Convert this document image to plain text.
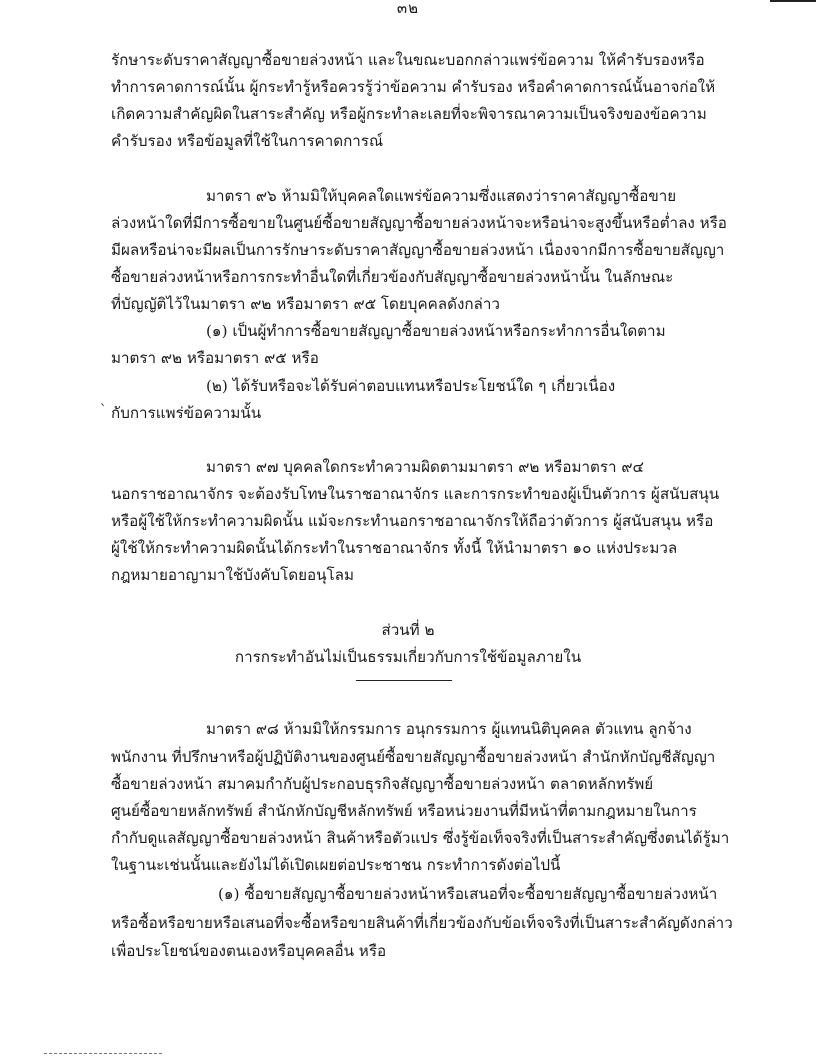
๓๒
รักษาระดับราคาสัญญาซื้อขายล่วงหน้า และในขณะบอกกล่าวแพร่ข้อความ ให้คำรับรองหรือ
ทำการคาดการณ์นั้น ผู้กระทำรู้หรือควรรู้ว่าข้อความ คำรับรอง หรือคำคาดการณ์นั้นอาจก่อให้
เกิดความสำคัญผิดในสาระสำคัญ หรือผู้กระทำละเลยที่จะพิจารณาความเป็นจริงของข้อความ
คำรับรอง หรือข้อมูลที่ใช้ในการคาดการณ์
มาตรา ๙๖ ห้ามมิให้บุคคลใดแพร่ข้อความซึ่งแสดงว่าราคาสัญญาซื้อขาย
ล่วงหน้าใดที่มีการซื้อขายในศูนย์ซื้อขายสัญญาซื้อขายล่วงหน้าจะหรือน่าจะสูงขึ้นหรือต่ำลง หรือ
มีผลหรือน่าจะมีผลเป็นการรักษาระดับราคาสัญญาซื้อขายล่วงหน้า เนื่องจากมีการซื้อขายสัญญา
ซื้อขายล่วงหน้าหรือการกระทำอื่นใดที่เกี่ยวข้องกับสัญญาซื้อขายล่วงหน้านั้น ในลักษณะ
ที่บัญญัติไว้ในมาตรา ๙๒ หรือมาตรา ๙๕ โดยบุคคลดังกล่าว
(๑) เป็นผู้ทำการซื้อขายสัญญาซื้อขายล่วงหน้าหรือกระทำการอื่นใดตาม
มาตรา ๙๒ หรือมาตรา ๙๕ หรือ
(๒) ได้รับหรือจะได้รับค่าตอบแทนหรือประโยชน์ใด ๆ เกี่ยวเนื่อง
ˋ กับการแพร่ข้อความนั้น
มาตรา ๙๗ บุคคลใดกระทำความผิดตามมาตรา ๙๒ หรือมาตรา ๙๔
นอกราชอาณาจักร จะต้องรับโทษในราชอาณาจักร และการกระทำของผู้เป็นตัวการ ผู้สนับสนุน
หรือผู้ใช้ให้กระทำความผิดนั้น แม้จะกระทำนอกราชอาณาจักรให้ถือว่าตัวการ ผู้สนับสนุน หรือ
ผู้ใช้ให้กระทำความผิดนั้นได้กระทำในราชอาณาจักร ทั้งนี้ ให้นำมาตรา ๑๐ แห่งประมวล
กฎหมายอาญามาใช้บังคับโดยอนุโลม
ส่วนที่ ๒
การกระทำอันไม่เป็นธรรมเกี่ยวกับการใช้ข้อมูลภายใน
มาตรา ๙๘ ห้ามมิให้กรรมการ อนุกรรมการ ผู้แทนนิติบุคคล ตัวแทน ลูกจ้าง
พนักงาน ที่ปรึกษาหรือผู้ปฏิบัติงานของศูนย์ซื้อขายสัญญาซื้อขายล่วงหน้า สำนักหักบัญชีสัญญา
ซื้อขายล่วงหน้า สมาคมกำกับผู้ประกอบธุรกิจสัญญาซื้อขายล่วงหน้า ตลาดหลักทรัพย์
ศูนย์ซื้อขายหลักทรัพย์ สำนักหักบัญชีหลักทรัพย์ หรือหน่วยงานที่มีหน้าที่ตามกฎหมายในการ
กำกับดูแลสัญญาซื้อขายล่วงหน้า สินค้าหรือตัวแปร ซึ่งรู้ข้อเท็จจริงที่เป็นสาระสำคัญซึ่งตนได้รู้มา
ในฐานะเช่นนั้นและยังไม่ได้เปิดเผยต่อประชาชน กระทำการดังต่อไปนี้
(๑) ซื้อขายสัญญาซื้อขายล่วงหน้าหรือเสนอที่จะซื้อขายสัญญาซื้อขายล่วงหน้า
หรือซื้อหรือขายหรือเสนอที่จะซื้อหรือขายสินค้าที่เกี่ยวข้องกับข้อเท็จจริงที่เป็นสาระสำคัญดังกล่าว
เพื่อประโยชน์ของตนเองหรือบุคคลอื่น หรือ
